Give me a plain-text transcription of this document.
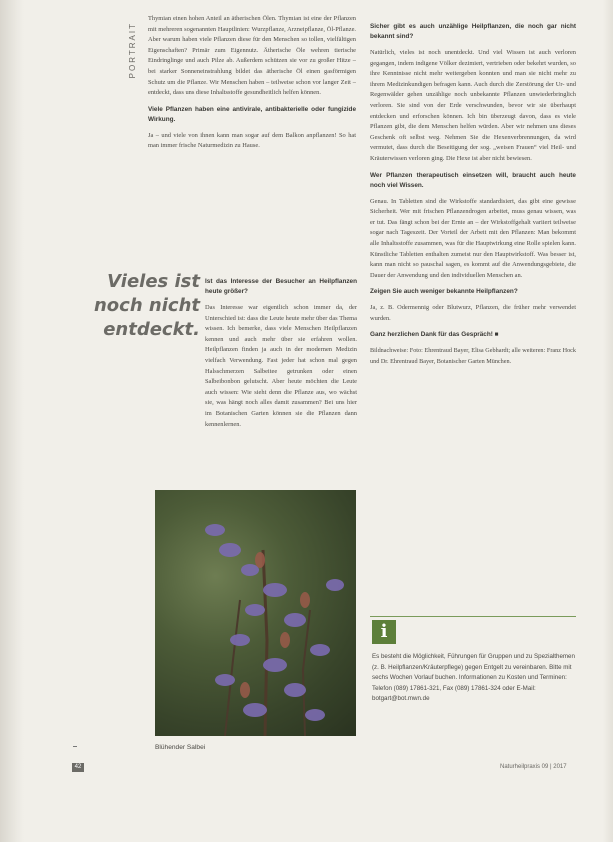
PORTRAIT

Thymian einen hohen Anteil an ätherischen Ölen. Thymian ist eine der Pflanzen mit mehreren sogenannten Hauptlinien: Wurzpflanze, Arzneipflanze, Öl-Pflanze. Aber warum haben viele Pflanzen diese für den Menschen so tollen, vielfältigen Eigenschaften? Primär zum Eigennutz. Ätherische Öle wehren tierische Eindringlinge und auch Pilze ab. Außerdem schützen sie vor zu großer Hitze – bei starker Sonneneinstrahlung bildet das ätherische Öl einen gasförmigen Schutz um die Pflanze. Wir Menschen haben – teilweise schon vor langer Zeit – entdeckt, dass uns diese Inhaltsstoffe gesundheitlich helfen können.

Viele Pflanzen haben eine antivirale, antibakterielle oder fungizide Wirkung.

Ja – und viele von ihnen kann man sogar auf dem Balkon anpflanzen! So hat man immer frische Naturmedizin zu Hause.

Vieles ist noch nicht entdeckt.

Ist das Interesse der Besucher an Heilpflanzen heute größer?

Das Interesse war eigentlich schon immer da, der Unterschied ist: dass die Leute heute mehr über das Thema wissen. Ich bemerke, dass viele Menschen Heilpflanzen kennen und auch mehr über sie erfahren wollen. Heilpflanzen finden ja auch in der modernen Medizin vielfach Verwendung. Fast jeder hat schon mal gegen Halsschmerzen Salbeitee getrunken oder einen Salbeibonbon gelutscht. Aber heute möchten die Leute auch wissen: Wie sieht denn die Pflanze aus, wo wächst sie, was hängt noch alles damit zusammen? Bei uns hier im Botanischen Garten können sie die Pflanzen dann kennenlernen.

Blühender Salbei

Sicher gibt es auch unzählige Heilpflanzen, die noch gar nicht bekannt sind?

Natürlich, vieles ist noch unentdeckt. Und viel Wissen ist auch verloren gegangen, indem indigene Völker dezimiert, vertrieben oder bekehrt wurden, so ihre Kenntnisse nicht mehr weitergeben konnten und man sie nicht mehr zu ihrem Medizinkundigen befragen kann. Auch durch die Zerstörung der Ur- und Regenwälder gehen unzählige noch unbekannte Pflanzen unwiederbringlich verloren. Sie sind von der Erde verschwunden, bevor wir sie überhaupt entdecken und erforschen können. Ich bin überzeugt davon, dass es viele Pflanzen gibt, die dem Menschen helfen würden. Aber wir nehmen uns dieses Geschenk oft selbst weg. Nehmen Sie die Hexenverbrennungen, da wird vermutet, dass durch die Beseitigung der sog. „weisen Frauen“ viel Heil- und Kräuterwissen verloren ging. Die Hexe ist aber nicht bewiesen.

Wer Pflanzen therapeutisch einsetzen will, braucht auch heute noch viel Wissen.

Genau. In Tabletten sind die Wirkstoffe standardisiert, das gibt eine gewisse Sicherheit. Wer mit frischen Pflanzendrogen arbeitet, muss genau wissen, was er tut. Das fängt schon bei der Ernte an – der Wirkstoffgehalt variiert teilweise sogar nach Tageszeit. Der Vorteil der Arbeit mit den Pflanzen: Man bekommt alle Inhaltsstoffe zusammen, was für die Hauptwirkung eine Rolle spielen kann. Künstliche Tabletten enthalten zumeist nur den Hauptwirkstoff. Was besser ist, kann man nicht so pauschal sagen, es kommt auf die Anwendungsgebiete, die Dauer der Anwendung und den individuellen Menschen an.

Zeigen Sie auch weniger bekannte Heilpflanzen?

Ja, z. B. Odermennig oder Blutwurz, Pflanzen, die früher mehr verwendet wurden.

Ganz herzlichen Dank für das Gespräch! ■

Bildnachweise: Foto: Ehrentraud Bayer, Elisa Gebhardt; alle weiteren: Franz Hock und Dr. Ehrentraud Bayer, Botanischer Garten München.

i
Es besteht die Möglichkeit, Führungen für Gruppen und zu Spezialthemen (z. B. Heilpflanzen/Kräuterpflege) gegen Entgelt zu vereinbaren. Bitte mit sechs Wochen Vorlauf buchen. Informationen zu Kosten und Terminen: Telefon (089) 17861-321, Fax (089) 17861-324 oder E-Mail: botgart@bot.mwn.de
42	Naturheilpraxis 09 | 2017
